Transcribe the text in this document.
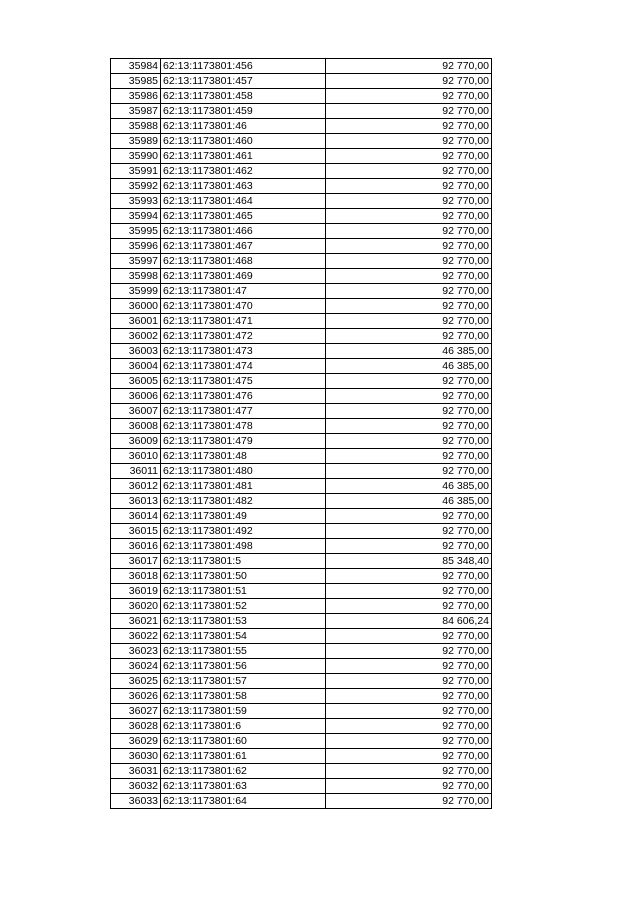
35984	62:13:1173801:456	92 770,00
35985	62:13:1173801:457	92 770,00
35986	62:13:1173801:458	92 770,00
35987	62:13:1173801:459	92 770,00
35988	62:13:1173801:46	92 770,00
35989	62:13:1173801:460	92 770,00
35990	62:13:1173801:461	92 770,00
35991	62:13:1173801:462	92 770,00
35992	62:13:1173801:463	92 770,00
35993	62:13:1173801:464	92 770,00
35994	62:13:1173801:465	92 770,00
35995	62:13:1173801:466	92 770,00
35996	62:13:1173801:467	92 770,00
35997	62:13:1173801:468	92 770,00
35998	62:13:1173801:469	92 770,00
35999	62:13:1173801:47	92 770,00
36000	62:13:1173801:470	92 770,00
36001	62:13:1173801:471	92 770,00
36002	62:13:1173801:472	92 770,00
36003	62:13:1173801:473	46 385,00
36004	62:13:1173801:474	46 385,00
36005	62:13:1173801:475	92 770,00
36006	62:13:1173801:476	92 770,00
36007	62:13:1173801:477	92 770,00
36008	62:13:1173801:478	92 770,00
36009	62:13:1173801:479	92 770,00
36010	62:13:1173801:48	92 770,00
36011	62:13:1173801:480	92 770,00
36012	62:13:1173801:481	46 385,00
36013	62:13:1173801:482	46 385,00
36014	62:13:1173801:49	92 770,00
36015	62:13:1173801:492	92 770,00
36016	62:13:1173801:498	92 770,00
36017	62:13:1173801:5	85 348,40
36018	62:13:1173801:50	92 770,00
36019	62:13:1173801:51	92 770,00
36020	62:13:1173801:52	92 770,00
36021	62:13:1173801:53	84 606,24
36022	62:13:1173801:54	92 770,00
36023	62:13:1173801:55	92 770,00
36024	62:13:1173801:56	92 770,00
36025	62:13:1173801:57	92 770,00
36026	62:13:1173801:58	92 770,00
36027	62:13:1173801:59	92 770,00
36028	62:13:1173801:6	92 770,00
36029	62:13:1173801:60	92 770,00
36030	62:13:1173801:61	92 770,00
36031	62:13:1173801:62	92 770,00
36032	62:13:1173801:63	92 770,00
36033	62:13:1173801:64	92 770,00
